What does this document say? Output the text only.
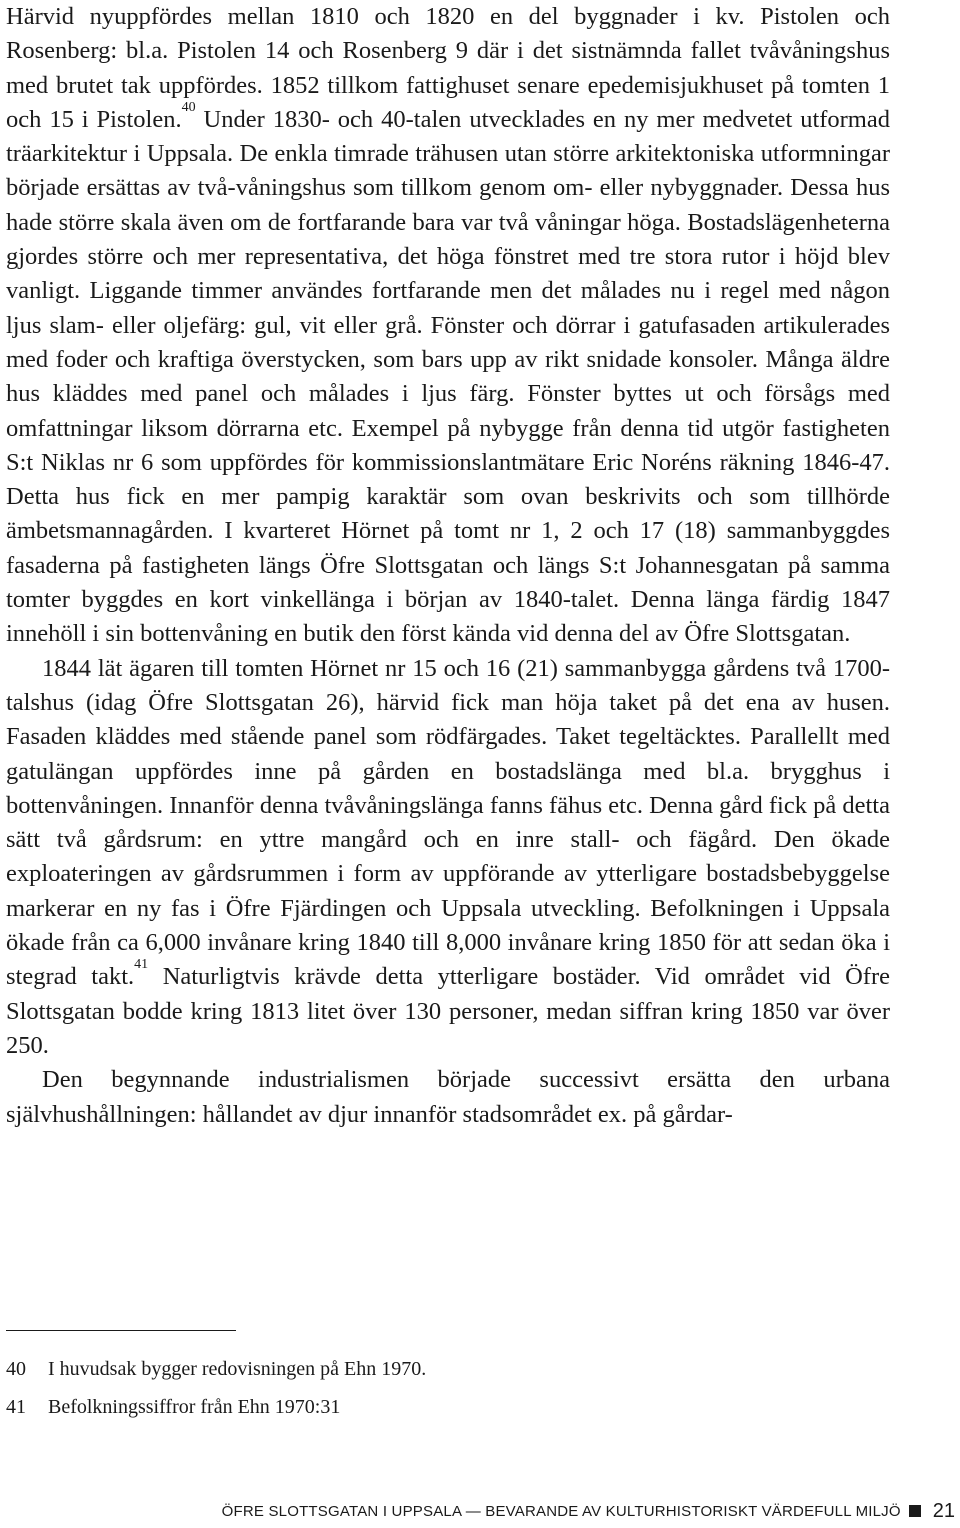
Härvid nyuppfördes mellan 1810 och 1820 en del byggnader i kv. Pistolen och Rosenberg: bl.a. Pistolen 14 och Rosenberg 9 där i det sistnämnda fallet tvåvåningshus med brutet tak uppfördes. 1852 tillkom fattighuset senare epedemisjukhuset på tomten 1 och 15 i Pistolen.$^{40}$ Under 1830- och 40-talen utvecklades en ny mer medvetet utformad träarkitektur i Uppsala. De enkla timrade trähusen utan större arkitektoniska utformningar började ersättas av två-våningshus som tillkom genom om- eller nybyggnader. Dessa hus hade större skala även om de fortfarande bara var två våningar höga. Bostadslägenheterna gjordes större och mer representativa, det höga fönstret med tre stora rutor i höjd blev vanligt. Liggande timmer användes fortfarande men det målades nu i regel med någon ljus slam- eller oljefärg: gul, vit eller grå. Fönster och dörrar i gatufasaden artikulerades med foder och kraftiga överstycken, som bars upp av rikt snidade konsoler. Många äldre hus kläddes med panel och målades i ljus färg. Fönster byttes ut och försågs med omfattningar liksom dörrarna etc. Exempel på nybygge från denna tid utgör fastigheten S:t Niklas nr 6 som uppfördes för kommissionslantmätare Eric Noréns räkning 1846-47. Detta hus fick en mer pampig karaktär som ovan beskrivits och som tillhörde ämbetsmannagården. I kvarteret Hörnet på tomt nr 1, 2 och 17 (18) sammanbyggdes fasaderna på fastigheten längs Öfre Slottsgatan och längs S:t Johannesgatan på samma tomter byggdes en kort vinkellänga i början av 1840-talet. Denna länga färdig 1847 innehöll i sin bottenvåning en butik den först kända vid denna del av Öfre Slottsgatan.

1844 lät ägaren till tomten Hörnet nr 15 och 16 (21) sammanbygga gårdens två 1700-talshus (idag Öfre Slottsgatan 26), härvid fick man höja taket på det ena av husen. Fasaden kläddes med stående panel som rödfärgades. Taket tegeltäcktes. Parallellt med gatulängan uppfördes inne på gården en bostadslänga med bl.a. brygghus i bottenvåningen. Innanför denna tvåvåningslänga fanns fähus etc. Denna gård fick på detta sätt två gårdsrum: en yttre mangård och en inre stall- och fägård. Den ökade exploateringen av gårdsrummen i form av uppförande av ytterligare bostadsbebyggelse markerar en ny fas i Öfre Fjärdingen och Uppsala utveckling. Befolkningen i Uppsala ökade från ca 6,000 invånare kring 1840 till 8,000 invånare kring 1850 för att sedan öka i stegrad takt.$^{41}$ Naturligtvis krävde detta ytterligare bostäder. Vid området vid Öfre Slottsgatan bodde kring 1813 litet över 130 personer, medan siffran kring 1850 var över 250.

Den begynnande industrialismen började successivt ersätta den urbana självhushållningen: hållandet av djur innanför stadsområdet ex. på gårdar-

40	I huvudsak bygger redovisningen på Ehn 1970.
41	Befolkningssiffror från Ehn 1970:31
ÖFRE SLOTTSGATAN I UPPSALA — BEVARANDE AV KULTURHISTORISKT VÄRDEFULL MILJÖ 21
